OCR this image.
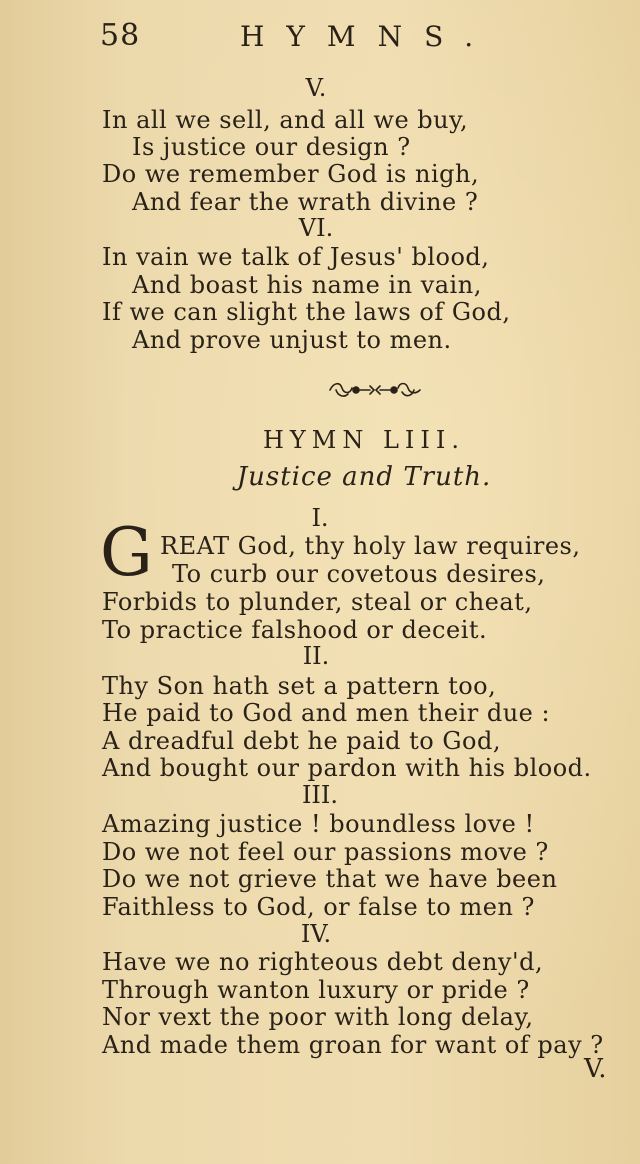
58	HYMNS.
V.
In all we sell, and all we buy,
Is justice our design ?
Do we remember God is nigh,
And fear the wrath divine ?
VI.
In vain we talk of Jesus' blood,
And boast his name in vain,
If we can slight the laws of God,
And prove unjust to men.
HYMN LIII.
Justice and Truth.
I.
G REAT God, thy holy law requires,
To curb our covetous desires,
Forbids to plunder, steal or cheat,
To practice falshood or deceit.
II.
Thy Son hath set a pattern too,
He paid to God and men their due :
A dreadful debt he paid to God,
And bought our pardon with his blood.
III.
Amazing justice ! boundless love !
Do we not feel our passions move ?
Do we not grieve that we have been
Faithless to God, or false to men ?
IV.
Have we no righteous debt deny'd,
Through wanton luxury or pride ?
Nor vext the poor with long delay,
And made them groan for want of pay ?
V.
